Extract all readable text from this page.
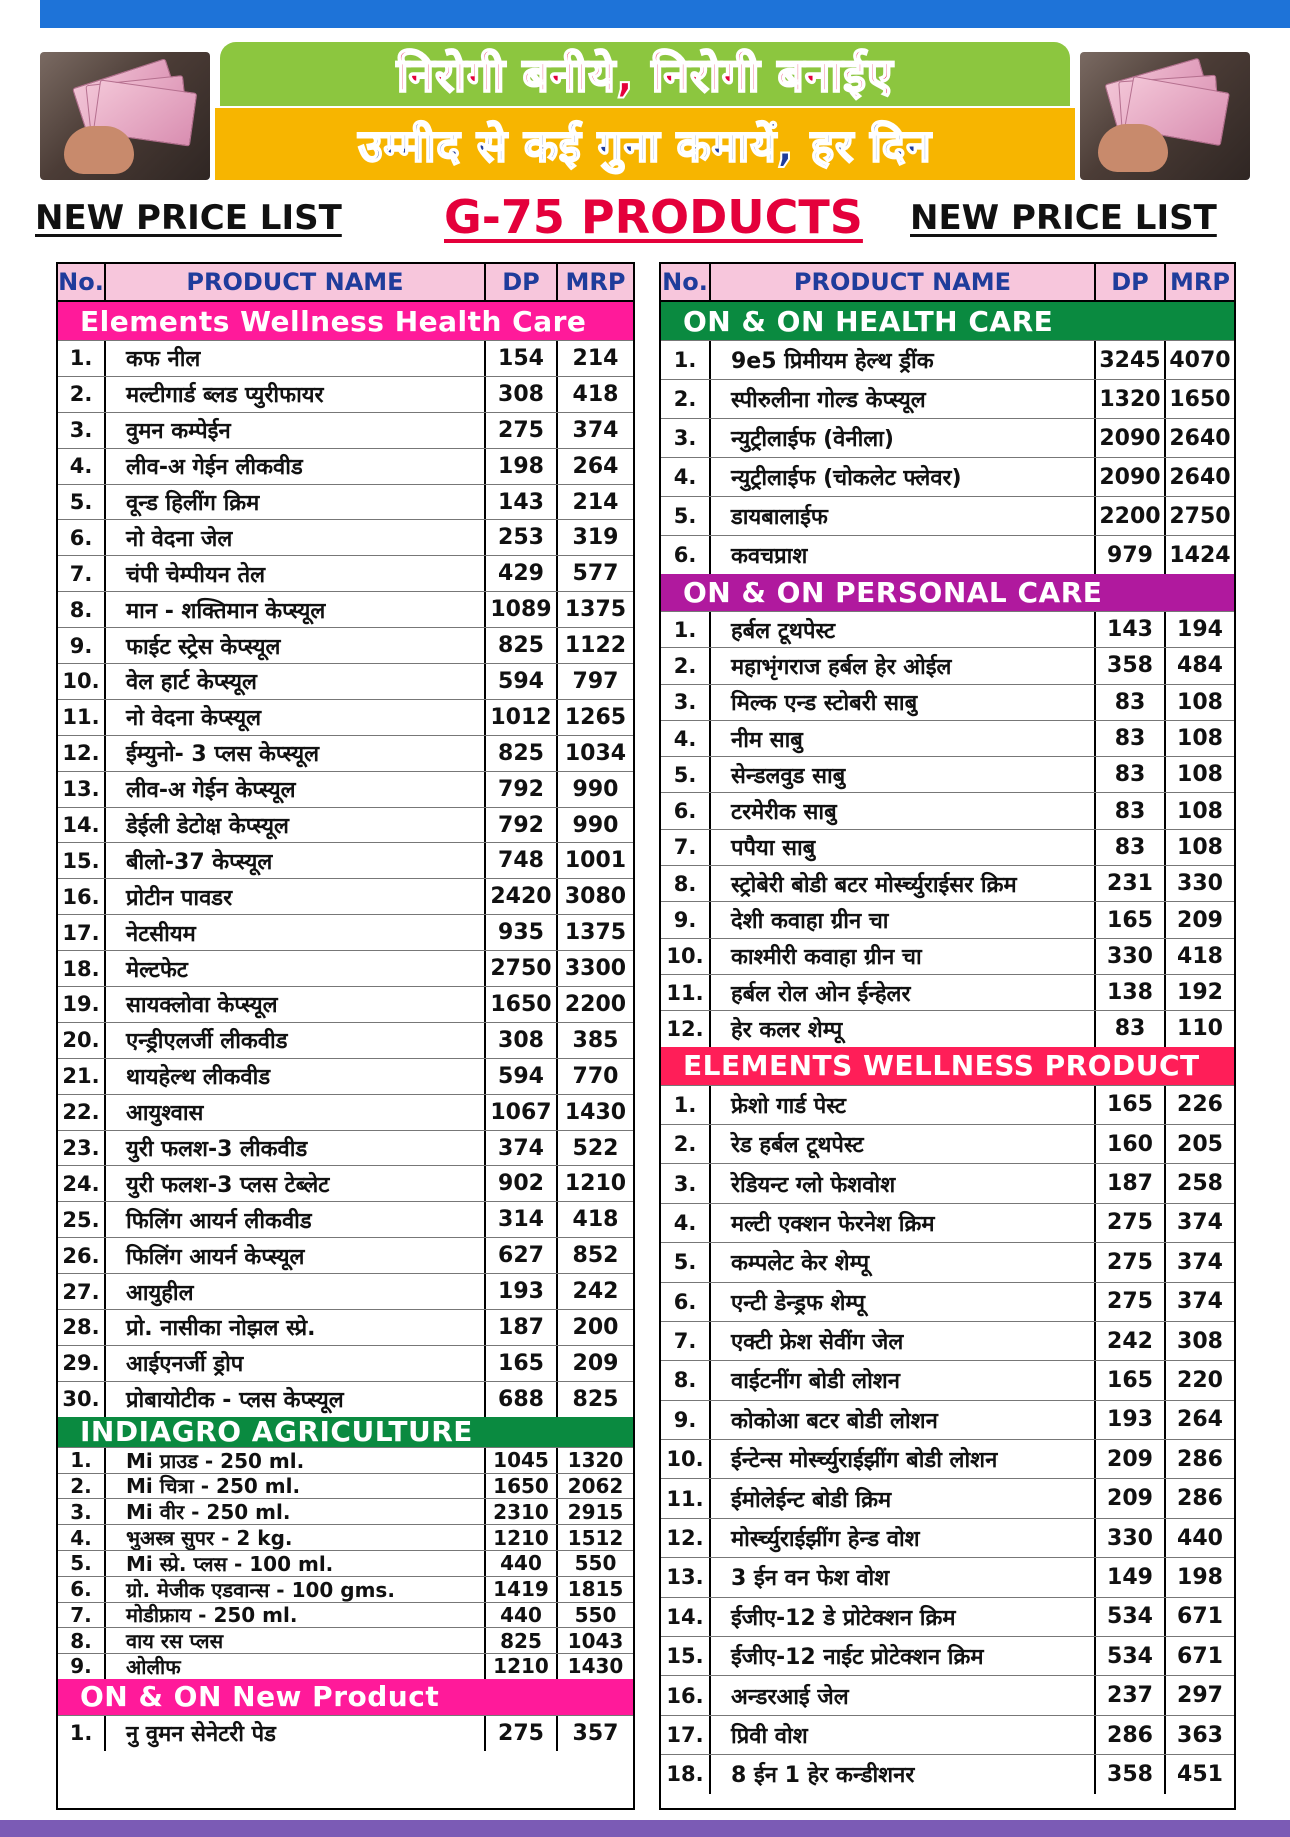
निरोगी बनीये, निरोगी बनाईए
उम्मीद से कई गुना कमायें, हर दिन
NEW PRICE LIST G-75 PRODUCTS NEW PRICE LIST
No.	PRODUCT NAME	DP	MRP
Elements Wellness Health Care
1.	कफ नील	154	214
2.	मल्टीगार्ड ब्लड प्युरीफायर	308	418
3.	वुमन कम्पेईन	275	374
4.	लीव-अ गेईन लीकवीड	198	264
5.	वून्ड हिलींग क्रिम	143	214
6.	नो वेदना जेल	253	319
7.	चंपी चेम्पीयन तेल	429	577
8.	मान - शक्तिमान केप्स्यूल	1089 1375
9.	फाईट स्ट्रेस केप्स्यूल	825 1122
10.	वेल हार्ट केप्स्यूल	594	797
11.	नो वेदना केप्स्यूल	1012 1265
12.	ईम्युनो- 3 प्लस केप्स्यूल	825 1034
13.	लीव-अ गेईन केप्स्यूल	792	990
14.	डेईली डेटोक्ष केप्स्यूल	792	990
15.	बीलो-37 केप्स्यूल	748 1001
16.	प्रोटीन पावडर	2420 3080
17.	नेटसीयम	935 1375
18.	मेल्टफेट	2750 3300
19.	सायक्लोवा केप्स्यूल	1650 2200
20.	एन्ड्रीएलर्जी लीकवीड	308	385
21.	थायहेल्थ लीकवीड	594	770
22.	आयुश्वास	1067 1430
23.	युरी फलश-3 लीकवीड	374	522
24.	युरी फलश-3 प्लस टेब्लेट	902 1210
25.	फिलिंग आयर्न लीकवीड	314	418
26.	फिलिंग आयर्न केप्स्यूल	627	852
27.	आयुहील	193	242
28.	प्रो. नासीका नोझल स्प्रे.	187	200
29.	आईएनर्जी ड्रोप	165	209
30.	प्रोबायोटीक - प्लस केप्स्यूल	688	825
INDIAGRO AGRICULTURE
1.	Mi प्राउड - 250 ml.	1045 1320
2.	Mi चित्रा - 250 ml.	1650 2062
3.	Mi वीर - 250 ml.	2310 2915
4.	भुअस्त्र सुपर - 2 kg.	1210 1512
5.	Mi स्प्रे. प्लस - 100 ml.	440	550
6.	ग्रो. मेजीक एडवान्स - 100 gms.	1419 1815
7.	मोडीफ्राय - 250 ml.	440	550
8.	वाय रस प्लस	825	1043
9.	ओलीफ	1210 1430
ON & ON New Product
1.	नु वुमन सेनेटरी पेड	275	357
No.	PRODUCT NAME	DP MRP
ON & ON HEALTH CARE
1.	9e5 प्रिमीयम हेल्थ ड्रींक	3245 4070
2.	स्पीरुलीना गोल्ड केप्स्यूल	1320 1650
3.	न्युट्रीलाईफ (वेनीला)	2090 2640
4.	न्युट्रीलाईफ (चोकलेट फ्लेवर)	2090 2640
5.	डायबालाईफ	2200 2750
6.	कवचप्राश	979 1424
ON & ON PERSONAL CARE
1.	हर्बल टूथपेस्ट	143	194
2.	महाभृंगराज हर्बल हेर ओईल	358	484
3.	मिल्क एन्ड स्टोबरी साबु	83	108
4.	नीम साबु	83	108
5.	सेन्डलवुड साबु	83	108
6.	टरमेरीक साबु	83	108
7.	पपैया साबु	83	108
8.	स्ट्रोबेरी बोडी बटर मोर्स्च्युराईसर क्रिम	231	330
9.	देशी कवाहा ग्रीन चा	165	209
10.	काश्मीरी कवाहा ग्रीन चा	330	418
11.	हर्बल रोल ओन ईन्हेलर	138	192
12.	हेर कलर शेम्पू	83	110
ELEMENTS WELLNESS PRODUCT
1.	फ्रेशो गार्ड पेस्ट	165	226
2.	रेड हर्बल टूथपेस्ट	160	205
3.	रेडियन्ट ग्लो फेशवोश	187	258
4.	मल्टी एक्शन फेरनेश क्रिम	275	374
5.	कम्पलेट केर शेम्पू	275	374
6.	एन्टी डेन्ड्रफ शेम्पू	275	374
7.	एक्टी फ्रेश सेवींग जेल	242	308
8.	वाईटनींग बोडी लोशन	165	220
9.	कोकोआ बटर बोडी लोशन	193	264
10.	ईन्टेन्स मोर्स्च्युराईझींग बोडी लोशन	209	286
11.	ईमोलेईन्ट बोडी क्रिम	209	286
12.	मोर्स्च्युराईझींग हेन्ड वोश	330	440
13.	3 ईन वन फेश वोश	149	198
14.	ईजीए-12 डे प्रोटेक्शन क्रिम	534	671
15.	ईजीए-12 नाईट प्रोटेक्शन क्रिम	534	671
16.	अन्डरआई जेल	237	297
17.	प्रिवी वोश	286	363
18.	8 ईन 1 हेर कन्डीशनर	358	451
